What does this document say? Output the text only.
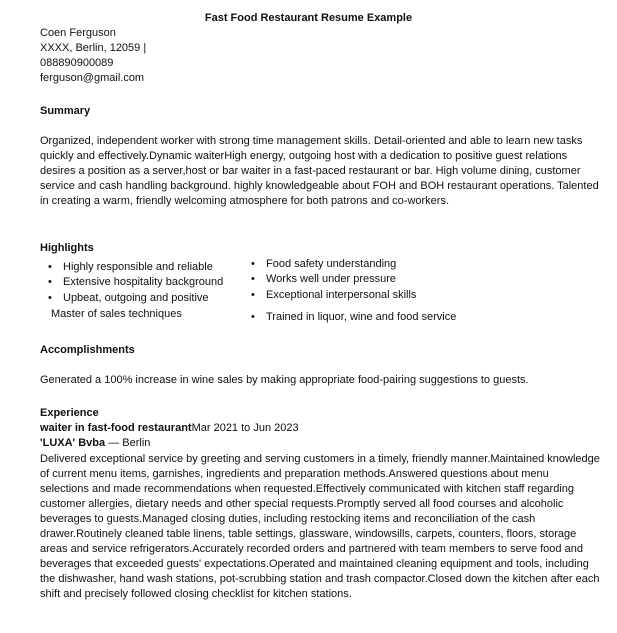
Fast Food Restaurant Resume Example
Coen Ferguson
XXXX, Berlin, 12059 |
088890900089
ferguson@gmail.com
Summary
Organized, independent worker with strong time management skills. Detail-oriented and able to learn new tasks quickly and effectively.Dynamic waiterHigh energy, outgoing host with a dedication to positive guest relations desires a position as a server,host or bar waiter in a fast-paced restaurant or bar. High volume dining, customer service and cash handling background. highly knowledgeable about FOH and BOH restaurant operations. Talented in creating a warm, friendly welcoming atmosphere for both patrons and co-workers.
Highlights
•	Highly responsible and reliable
•	Extensive hospitality background
•	Upbeat, outgoing and positive
Master of sales techniques
•	Food safety understanding
•	Works well under pressure
•	Exceptional interpersonal skills
•	Trained in liquor, wine and food service
Accomplishments
Generated a 100% increase in wine sales by making appropriate food-pairing suggestions to guests.
Experience
waiter in fast-food restaurantMar 2021 to Jun 2023
'LUXA' Bvba — Berlin
Delivered exceptional service by greeting and serving customers in a timely, friendly manner.Maintained knowledge of current menu items, garnishes, ingredients and preparation methods.Answered questions about menu selections and made recommendations when requested.Effectively communicated with kitchen staff regarding customer allergies, dietary needs and other special requests.Promptly served all food courses and alcoholic beverages to guests.Managed closing duties, including restocking items and reconciliation of the cash drawer.Routinely cleaned table linens, table settings, glassware, windowsills, carpets, counters, floors, storage areas and service refrigerators.Accurately recorded orders and partnered with team members to serve food and beverages that exceeded guests' expectations.Operated and maintained cleaning equipment and tools, including the dishwasher, hand wash stations, pot-scrubbing station and trash compactor.Closed down the kitchen after each shift and precisely followed closing checklist for kitchen stations.
